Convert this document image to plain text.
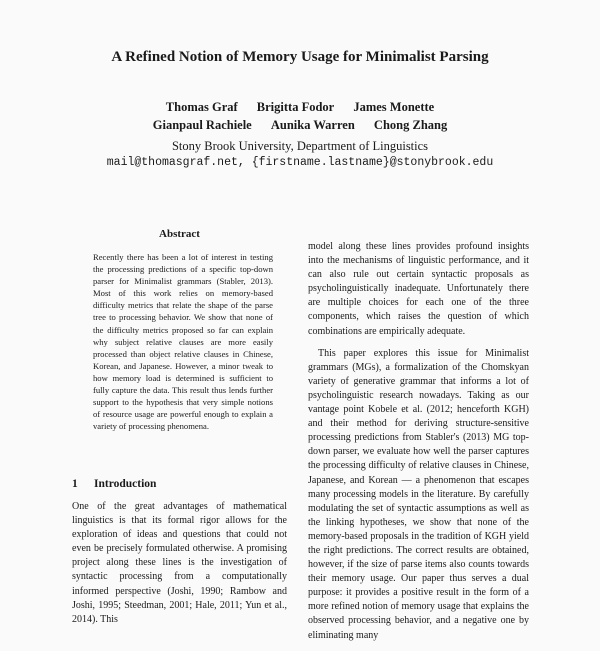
A Refined Notion of Memory Usage for Minimalist Parsing
Thomas Graf Brigitta Fodor James Monette
Gianpaul Rachiele Aunika Warren Chong Zhang
Stony Brook University, Department of Linguistics
mail@thomasgraf.net, {firstname.lastname}@stonybrook.edu
Abstract
Recently there has been a lot of interest in testing the processing predictions of a specific top-down parser for Minimalist grammars (Stabler, 2013). Most of this work relies on memory-based difficulty metrics that relate the shape of the parse tree to processing behavior. We show that none of the difficulty metrics proposed so far can explain why subject relative clauses are more easily processed than object relative clauses in Chinese, Korean, and Japanese. However, a minor tweak to how memory load is determined is sufficient to fully capture the data. This result thus lends further support to the hypothesis that very simple notions of resource usage are powerful enough to explain a variety of processing phenomena.
1 Introduction

One of the great advantages of mathematical linguistics is that its formal rigor allows for the exploration of ideas and questions that could not even be precisely formulated otherwise. A promising project along these lines is the investigation of syntactic processing from a computationally informed perspective (Joshi, 1990; Rambow and Joshi, 1995; Steedman, 2001; Hale, 2011; Yun et al., 2014). This

model along these lines provides profound insights into the mechanisms of linguistic performance, and it can also rule out certain syntactic proposals as psycholinguistically inadequate. Unfortunately there are multiple choices for each one of the three components, which raises the question of which combinations are empirically adequate.

This paper explores this issue for Minimalist grammars (MGs), a formalization of the Chomskyan variety of generative grammar that informs a lot of psycholinguistic research nowadays. Taking as our vantage point Kobele et al. (2012; henceforth KGH) and their method for deriving structure-sensitive processing predictions from Stabler's (2013) MG top-down parser, we evaluate how well the parser captures the processing difficulty of relative clauses in Chinese, Japanese, and Korean — a phenomenon that escapes many processing models in the literature. By carefully modulating the set of syntactic assumptions as well as the linking hypotheses, we show that none of the memory-based proposals in the tradition of KGH yield the right predictions. The correct results are obtained, however, if the size of parse items also counts towards their memory usage. Our paper thus serves a dual purpose: it provides a positive result in the form of a more refined notion of memory usage that explains the observed processing behavior, and a negative one by eliminating many
